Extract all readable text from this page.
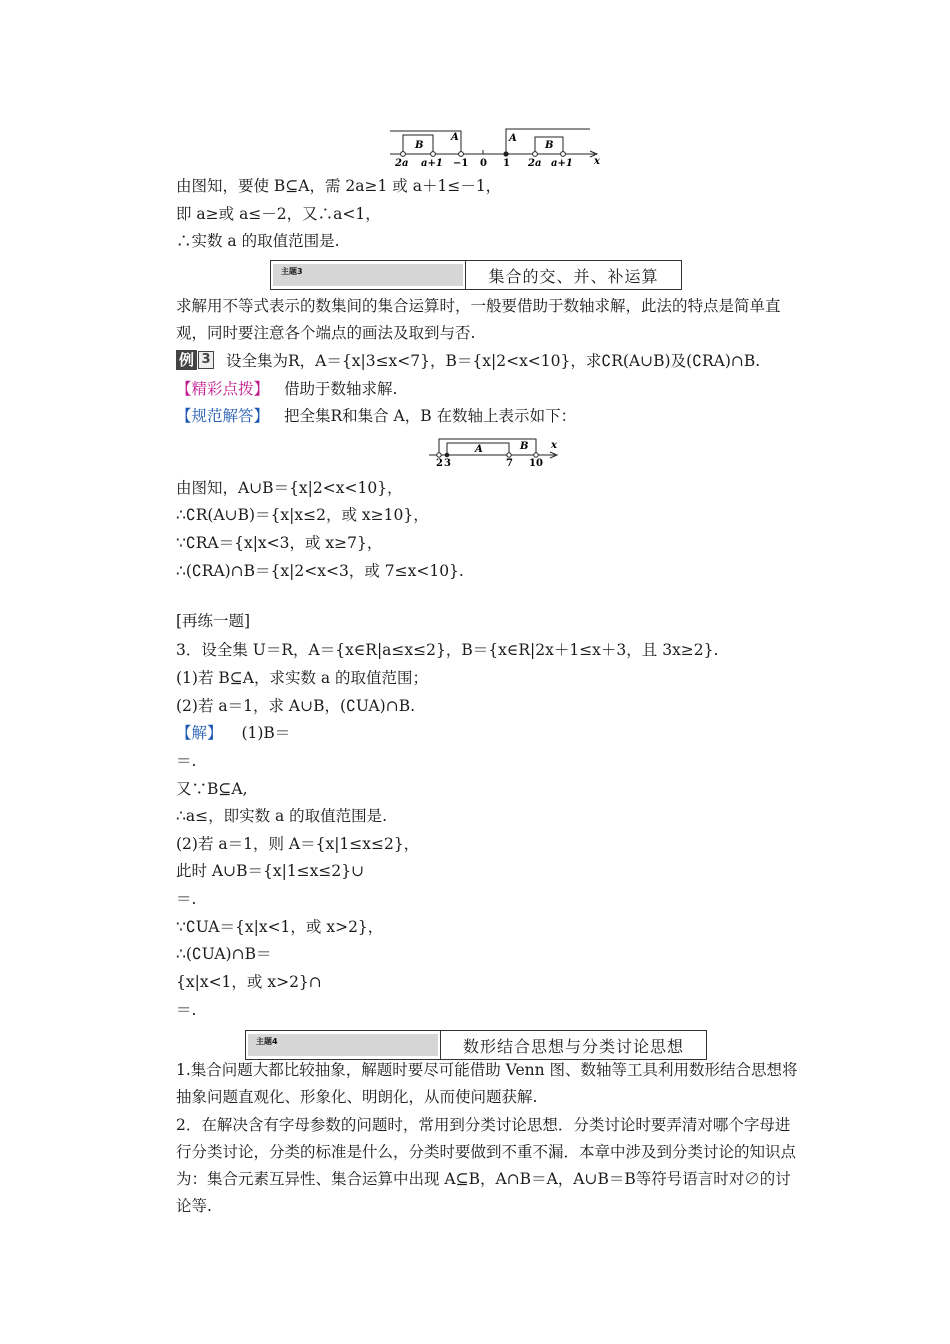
B
A	A
B
2a a+1 −1 0 1 2a a+1 x
由图知，要使 B⊆A，需 2a≥1 或 a＋1≤－1，
即 a≥或 a≤－2，又∴a<1，
∴实数 a 的取值范围是.
主题3	集合的交、并、补运算
求解用不等式表示的数集间的集合运算时，一般要借助于数轴求解，此法的特点是简单直观，同时要注意各个端点的画法及取到与否.
例 3 设全集为R，A＝{x|3≤x<7}，B＝{x|2<x<10}，求∁R(A∪B)及(∁RA)∩B.
【精彩点拨】 借助于数轴求解.
【规范解答】 把全集R和集合 A，B 在数轴上表示如下：
A	B
2 3	7 10
x
由图知，A∪B＝{x|2<x<10}，
∴∁R(A∪B)＝{x|x≤2，或 x≥10}，
∵∁RA＝{x|x<3，或 x≥7}，
∴(∁RA)∩B＝{x|2<x<3，或 7≤x<10}.
[再练一题]
3．设全集 U＝R，A＝{x∈R|a≤x≤2}，B＝{x∈R|2x＋1≤x＋3，且 3x≥2}.
(1)若 B⊆A，求实数 a 的取值范围；
(2)若 a＝1，求 A∪B，(∁UA)∩B.
【解】 (1)B＝
＝.
又∵B⊆A,
∴a≤，即实数 a 的取值范围是.
(2)若 a＝1，则 A＝{x|1≤x≤2}，
此时 A∪B＝{x|1≤x≤2}∪
＝.
∵∁UA＝{x|x<1，或 x>2}，
∴(∁UA)∩B＝
{x|x<1，或 x>2}∩
＝.
主题4	数形结合思想与分类讨论思想
1.集合问题大都比较抽象，解题时要尽可能借助 Venn 图、数轴等工具利用数形结合思想将抽象问题直观化、形象化、明朗化，从而使问题获解.
2．在解决含有字母参数的问题时，常用到分类讨论思想．分类讨论时要弄清对哪个字母进行分类讨论，分类的标准是什么，分类时要做到不重不漏．本章中涉及到分类讨论的知识点为：集合元素互异性、集合运算中出现 A⊆B，A∩B＝A，A∪B＝B等符号语言时对∅的讨论等.
